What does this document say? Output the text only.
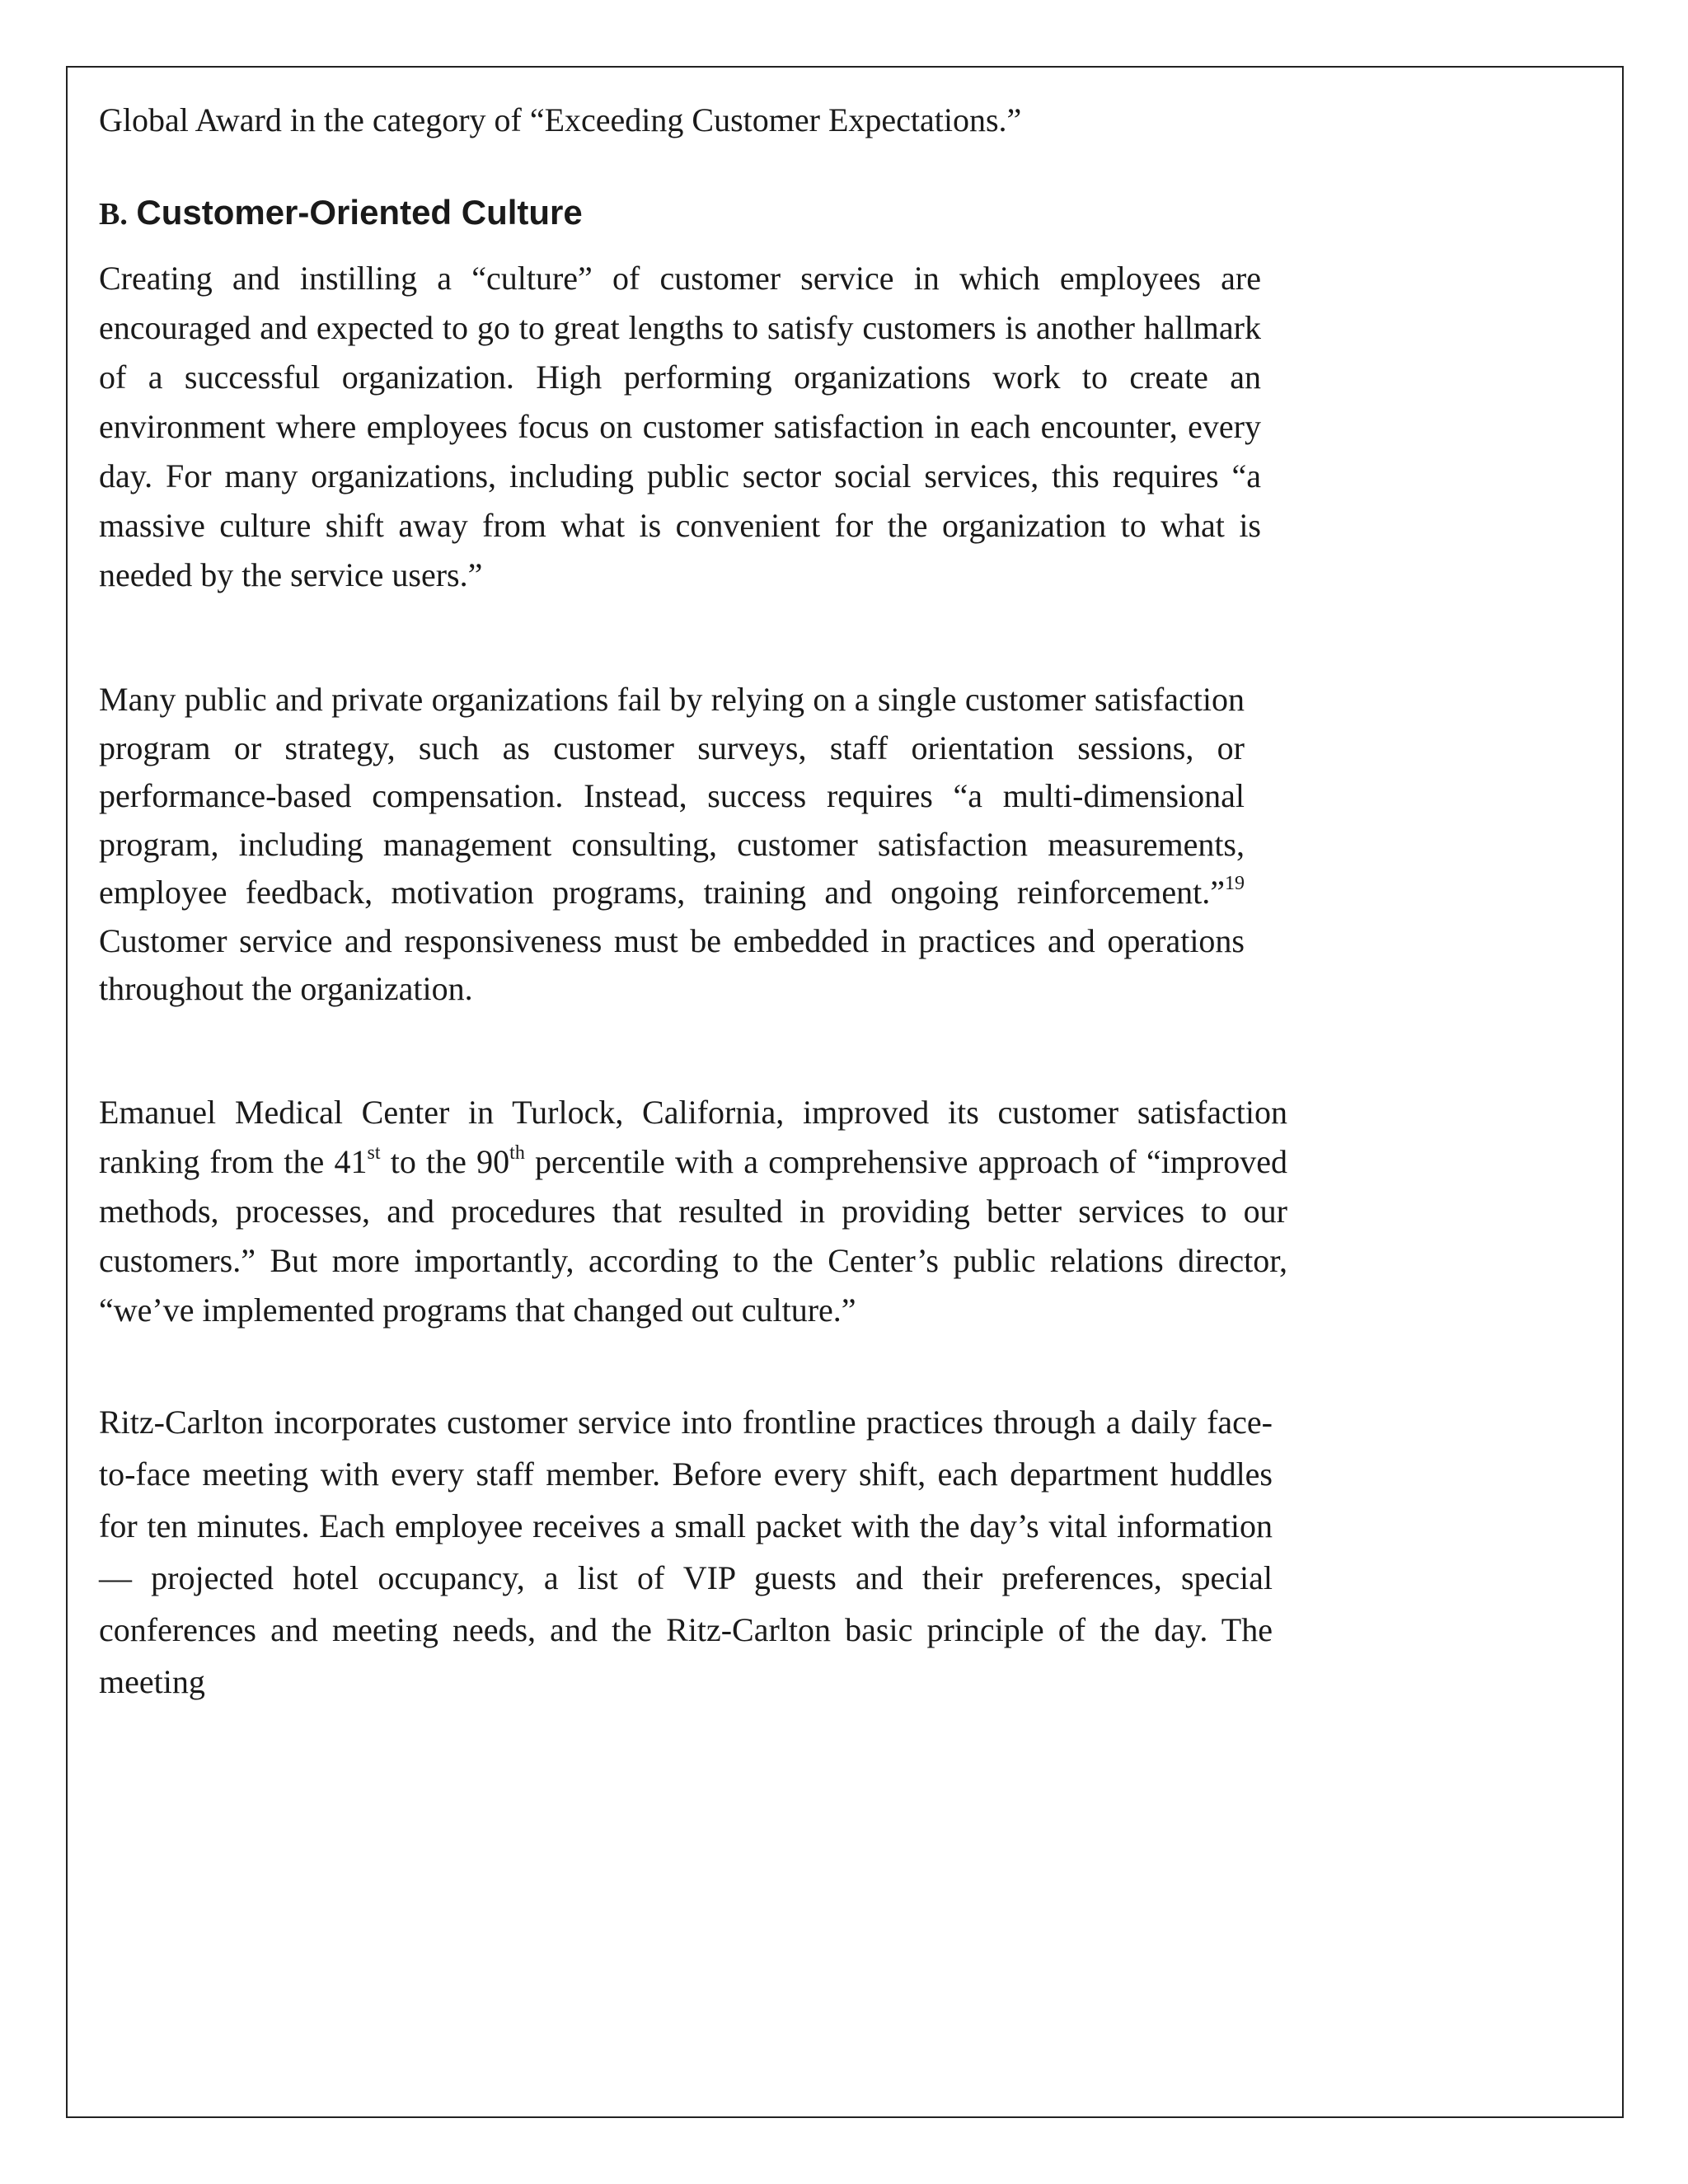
Global Award in the category of “Exceeding Customer Expectations.”

B. Customer-Oriented Culture

Creating and instilling a “culture” of customer service in which employees are encouraged and expected to go to great lengths to satisfy customers is another hallmark of a successful organization. High performing organizations work to create an environment where employees focus on customer satisfaction in each encounter, every day. For many organizations, including public sector social services, this requires “a massive culture shift away from what is convenient for the organization to what is needed by the service users.”

Many public and private organizations fail by relying on a single customer satisfaction program or strategy, such as customer surveys, staff orientation sessions, or performance-based compensation. Instead, success requires “a multi-dimensional program, including management consulting, customer satisfaction measurements, employee feedback, motivation programs, training and ongoing reinforcement.”$^{19}$ Customer service and responsiveness must be embedded in practices and operations throughout the organization.

Emanuel Medical Center in Turlock, California, improved its customer satisfaction ranking from the 41st to the 90th percentile with a comprehensive approach of “improved methods, processes, and procedures that resulted in providing better services to our customers.” But more importantly, according to the Center’s public relations director, “we’ve implemented programs that changed out culture.”

Ritz-Carlton incorporates customer service into frontline practices through a daily face-to-face meeting with every staff member. Before every shift, each department huddles for ten minutes. Each employee receives a small packet with the day’s vital information— projected hotel occupancy, a list of VIP guests and their preferences, special conferences and meeting needs, and the Ritz-Carlton basic principle of the day. The meeting
